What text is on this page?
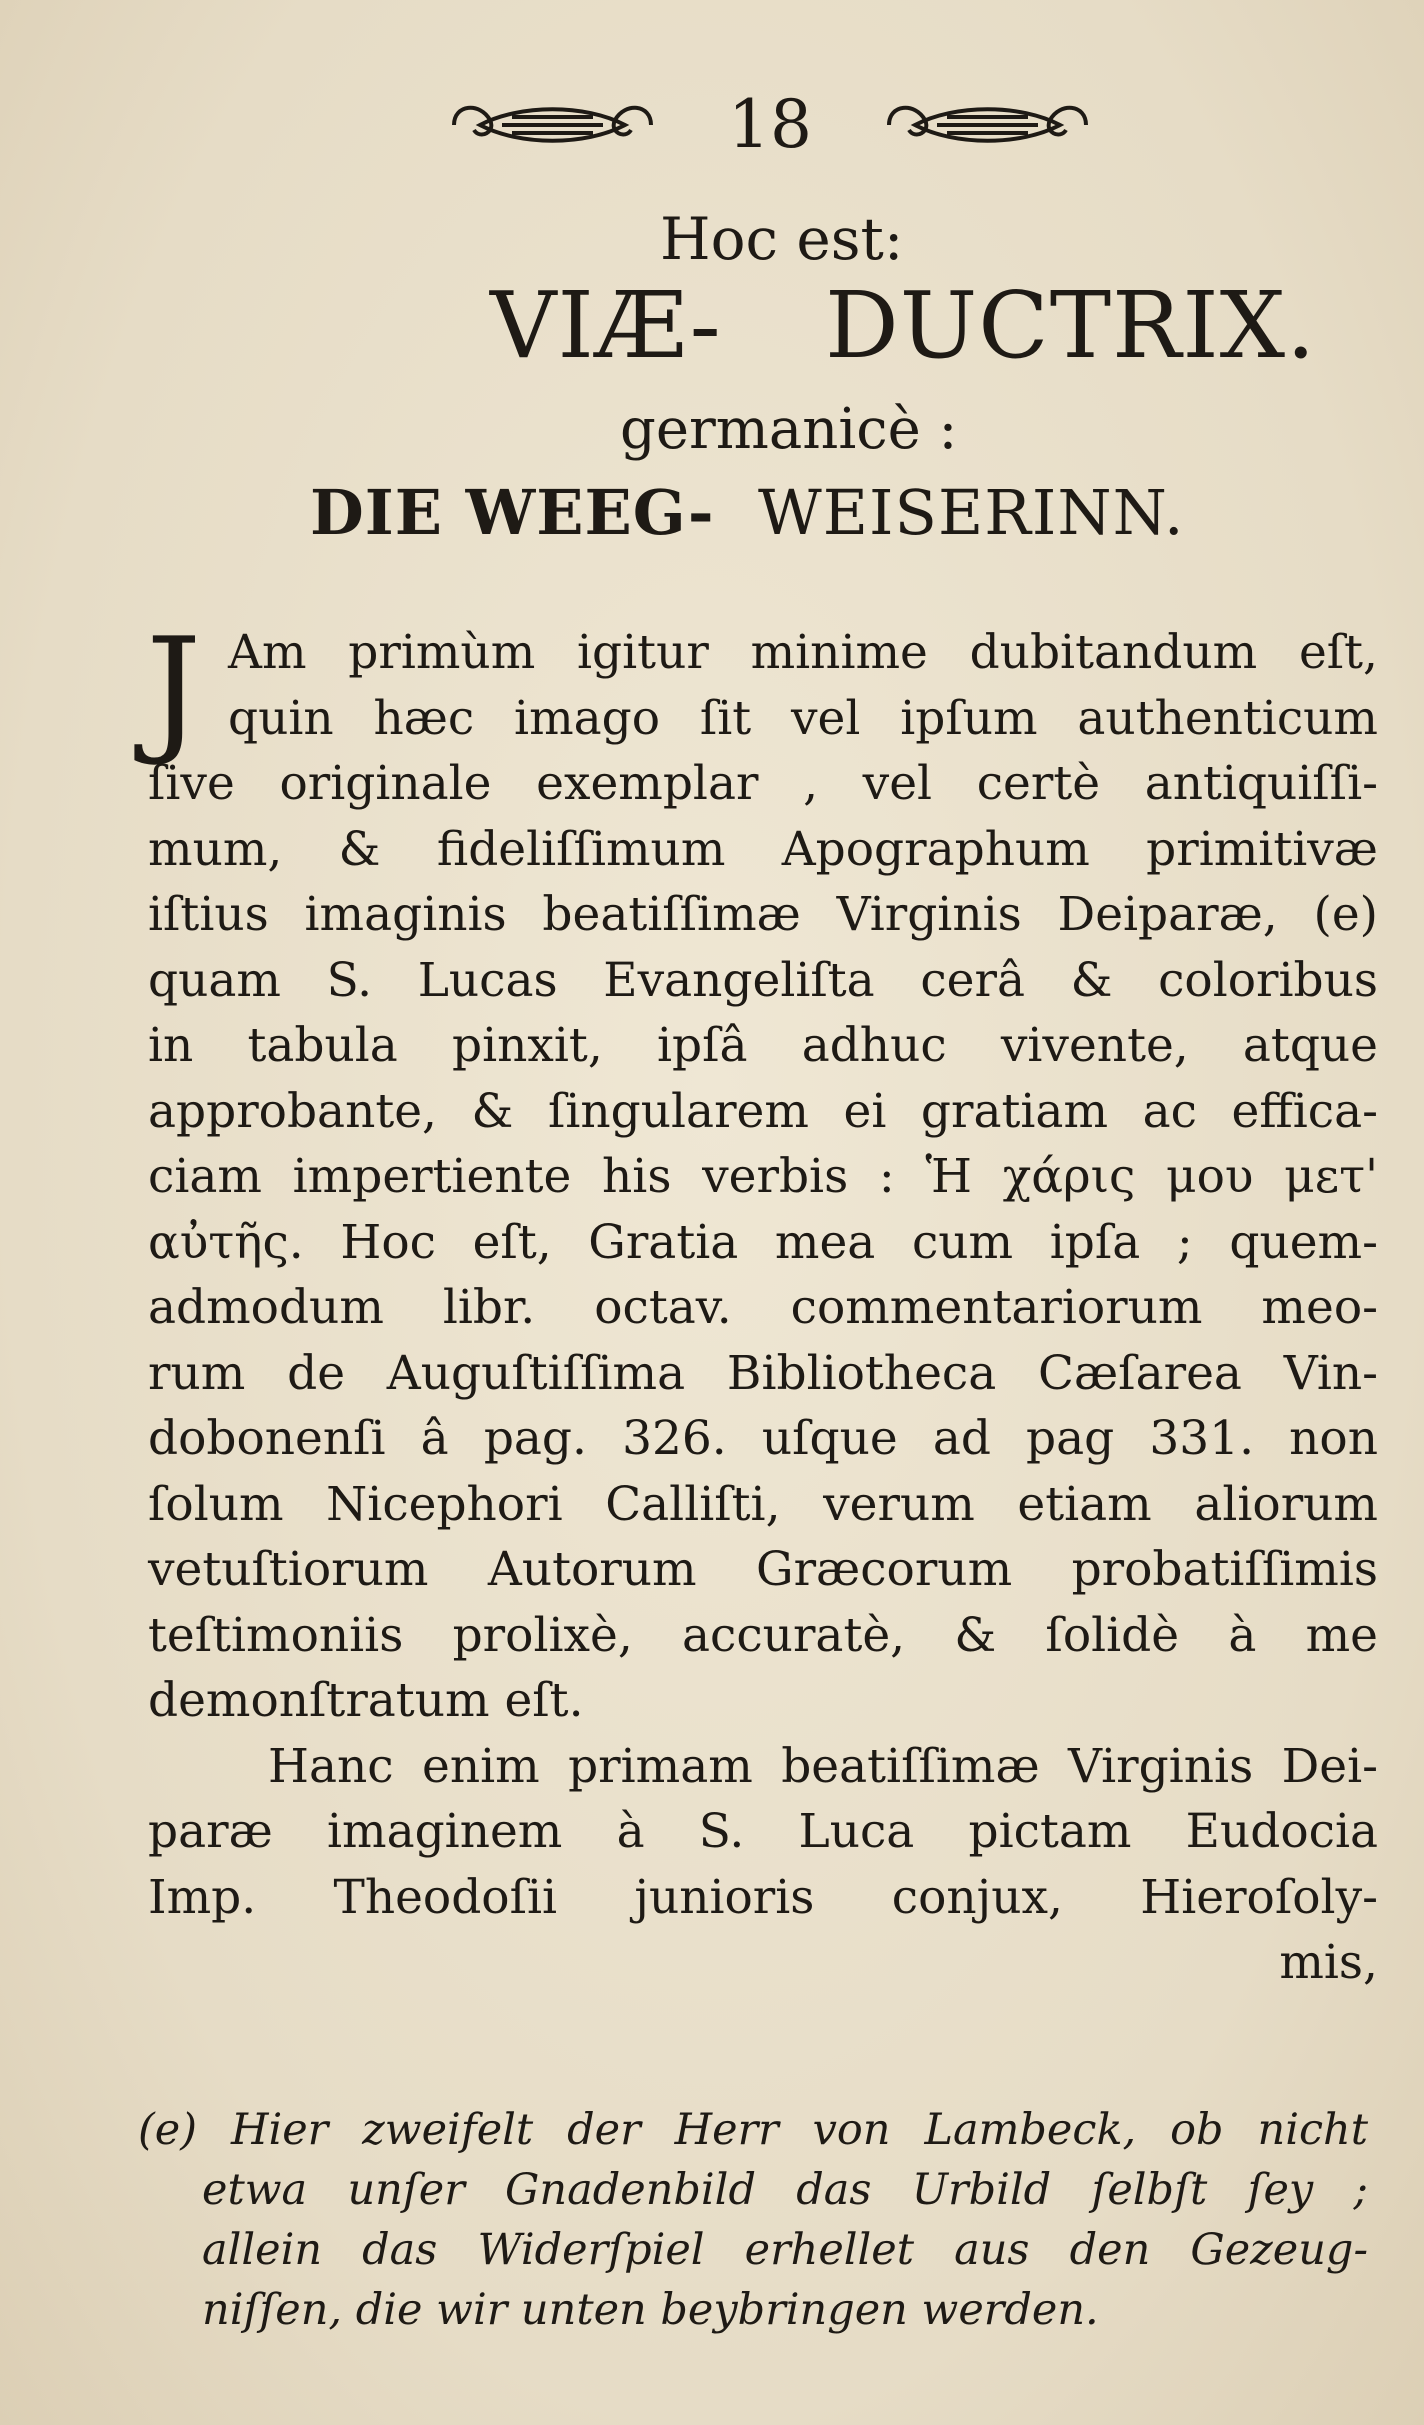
18
Hoc est:
VIÆ- DUCTRIX.
germanicè :
DIE WEEG- WEISERINN.
J Am primùm igitur minime dubitandum eſt,
quin hæc imago ſit vel ipſum authenticum
ſive originale exemplar , vel certè antiquiſſi-
mum, & fideliſſimum Apographum primitivæ
iſtius imaginis beatiſſimæ Virginis Deiparæ, (e)
quam S. Lucas Evangeliſta cerâ & coloribus
in tabula pinxit, ipſâ adhuc vivente, atque
approbante, & ſingularem ei gratiam ac effica-
ciam impertiente his verbis : Ἡ χάρις μου μετ'
αὐτῆς. Hoc eſt, Gratia mea cum ipſa ; quem-
admodum libr. octav. commentariorum meo-
rum de Auguſtiſſima Bibliotheca Cæſarea Vin-
dobonenſi â pag. 326. uſque ad pag 331. non
ſolum Nicephori Calliſti, verum etiam aliorum
vetuſtiorum Autorum Græcorum probatiſſimis
teſtimoniis prolixè, accuratè, & ſolidè à me
demonſtratum eſt.
Hanc enim primam beatiſſimæ Virginis Dei-
paræ imaginem à S. Luca pictam Eudocia
Imp. Theodoſii junioris conjux, Hieroſoly-
mis,
(e) Hier zweifelt der Herr von Lambeck, ob nicht
etwa unſer Gnadenbild das Urbild ſelbſt ſey ;
allein das Widerſpiel erhellet aus den Gezeug-
niſſen, die wir unten beybringen werden.
